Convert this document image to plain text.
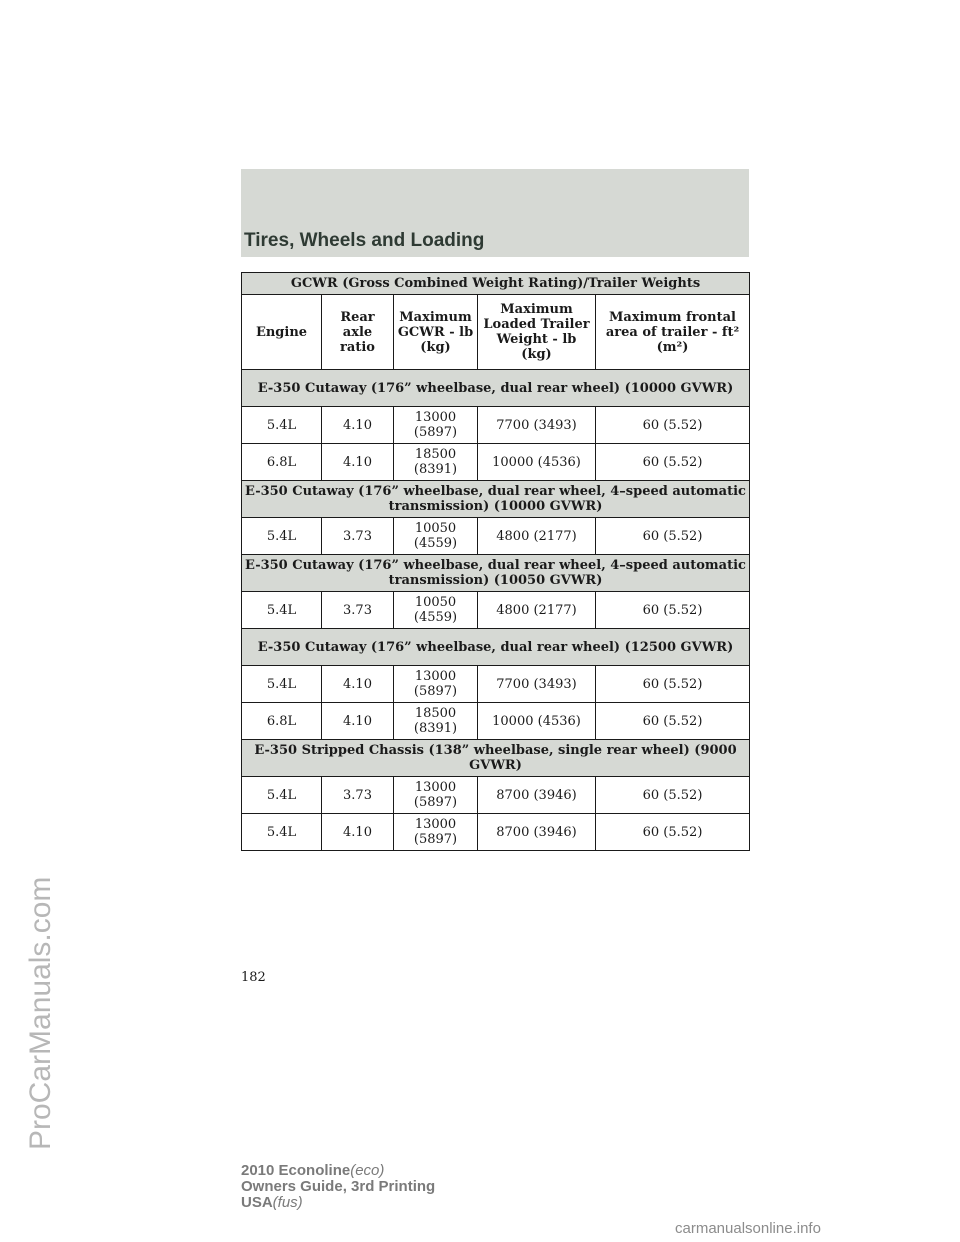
Tires, Wheels and Loading
GCWR (Gross Combined Weight Rating)/Trailer Weights				
Engine	Rear axle ratio	Maximum GCWR - lb (kg)	Maximum Loaded Trailer Weight - lb (kg)	Maximum frontal area of trailer - ft² (m²)
E-350 Cutaway (176” wheelbase, dual rear wheel) (10000 GVWR)				
5.4L	4.10	13000 (5897)	7700 (3493)	60 (5.52)
6.8L	4.10	18500 (8391)	10000 (4536)	60 (5.52)
E-350 Cutaway (176” wheelbase, dual rear wheel, 4–speed automatic transmission) (10000 GVWR)				
5.4L	3.73	10050 (4559)	4800 (2177)	60 (5.52)
E-350 Cutaway (176” wheelbase, dual rear wheel, 4–speed automatic transmission) (10050 GVWR)				
5.4L	3.73	10050 (4559)	4800 (2177)	60 (5.52)
E-350 Cutaway (176” wheelbase, dual rear wheel) (12500 GVWR)				
5.4L	4.10	13000 (5897)	7700 (3493)	60 (5.52)
6.8L	4.10	18500 (8391)	10000 (4536)	60 (5.52)
E-350 Stripped Chassis (138” wheelbase, single rear wheel) (9000 GVWR)				
5.4L	3.73	13000 (5897)	8700 (3946)	60 (5.52)
5.4L	4.10	13000 (5897)	8700 (3946)	60 (5.52)
182
2010 Econoline(eco)
Owners Guide, 3rd Printing
USA(fus)
ProCarManuals.com
carmanualsonline.info
